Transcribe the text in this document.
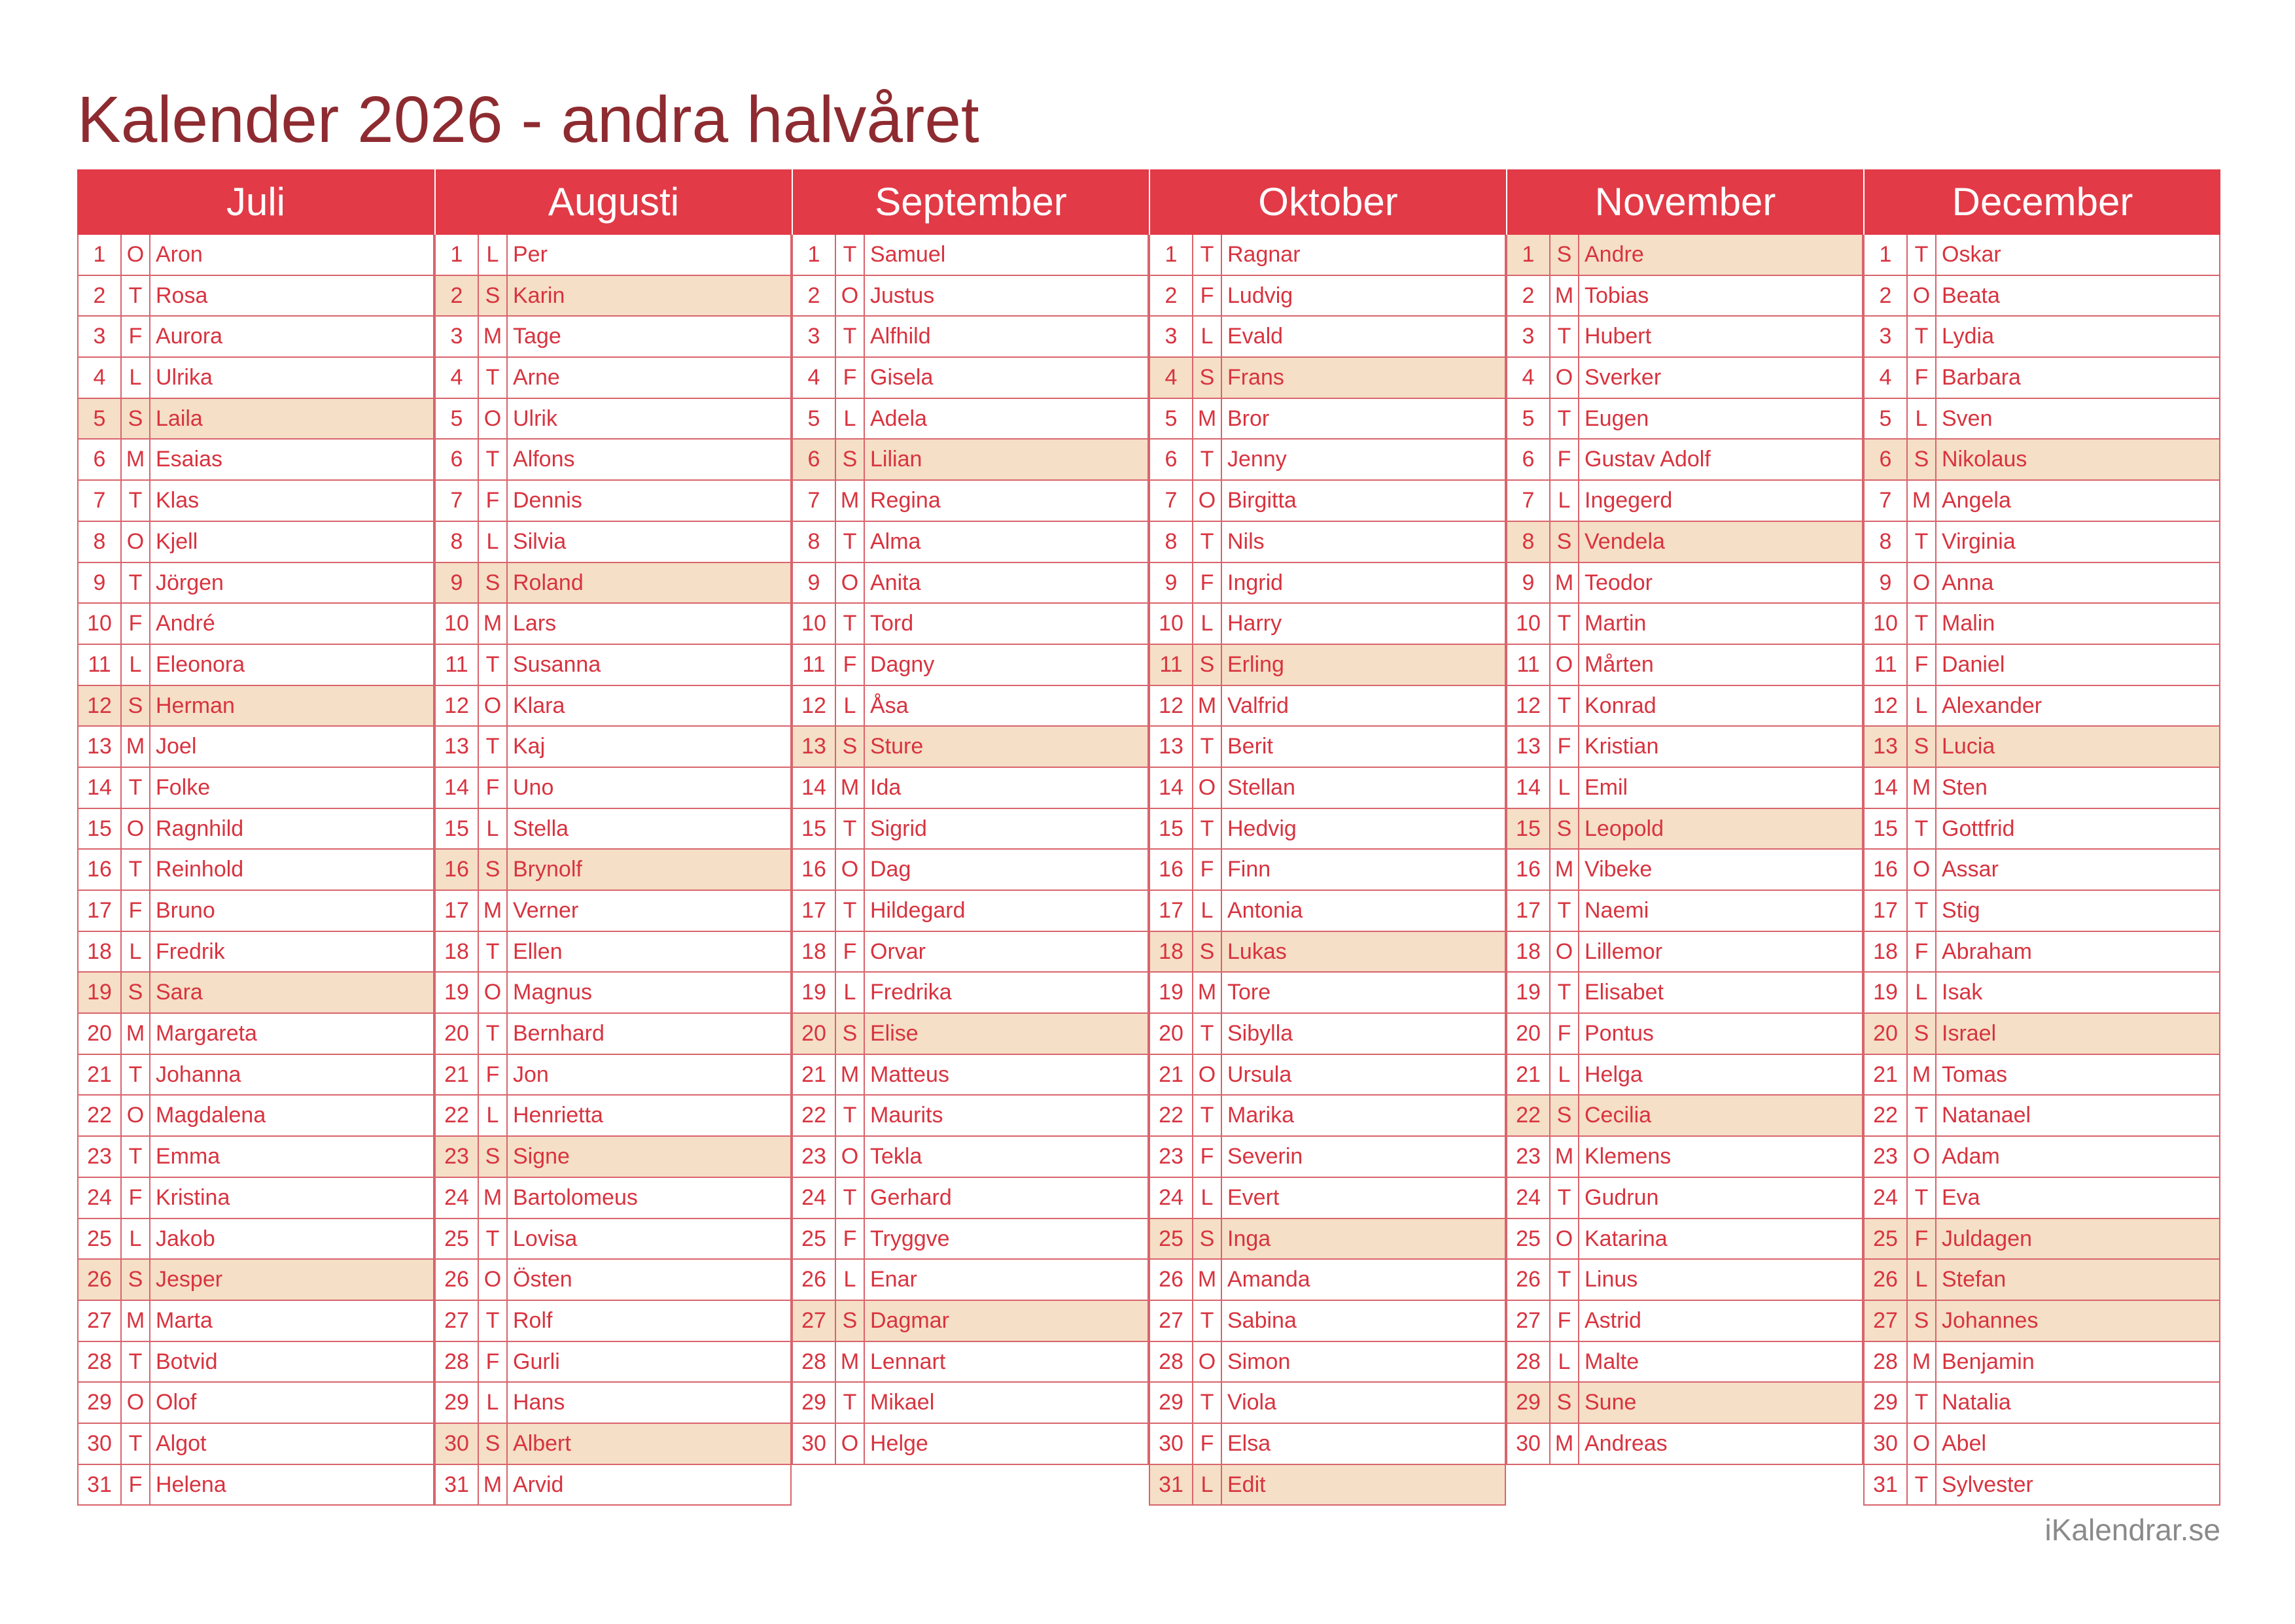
Kalender 2026 - andra halvåret
Juli
1 O Aron
2	T Rosa
3	F Aurora
4	L Ulrika
5	S Laila
6 M Esaias
7	T Klas
8 O Kjell
9	T Jörgen
10 F André
11 L Eleonora
12 S Herman
13 M Joel
14 T Folke
15 O Ragnhild
16 T Reinhold
17 F Bruno
18 L Fredrik
19 S Sara
20 M Margareta
21 T Johanna
22 O Magdalena
23 T Emma
24 F Kristina
25 L Jakob
26 S Jesper
27 M Marta
28 T Botvid
29 O Olof
30 T Algot
31 F Helena
Augusti
1	L Per
2	S Karin
3 M Tage
4	T Arne
5 O Ulrik
6	T Alfons
7	F Dennis
8	L Silvia
9	S Roland
10 M Lars
11 T Susanna
12 O Klara
13 T Kaj
14 F Uno
15 L Stella
16 S Brynolf
17 M Verner
18 T Ellen
19 O Magnus
20 T Bernhard
21 F Jon
22 L Henrietta
23 S Signe
24 M Bartolomeus
25 T Lovisa
26 O Östen
27 T Rolf
28 F Gurli
29 L Hans
30 S Albert
31 M Arvid
September
1	T Samuel
2 O Justus
3	T Alfhild
4	F Gisela
5	L Adela
6	S Lilian
7 M Regina
8	T Alma
9 O Anita
10 T Tord
11 F Dagny
12 L Åsa
13 S Sture
14 M Ida
15 T Sigrid
16 O Dag
17 T Hildegard
18 F Orvar
19 L Fredrika
20 S Elise
21 M Matteus
22 T Maurits
23 O Tekla
24 T Gerhard
25 F Tryggve
26 L Enar
27 S Dagmar
28 M Lennart
29 T Mikael
30 O Helge
Oktober
1	T Ragnar
2	F Ludvig
3	L Evald
4	S Frans
5 M Bror
6	T Jenny
7 O Birgitta
8	T Nils
9	F Ingrid
10 L Harry
11 S Erling
12 M Valfrid
13 T Berit
14 O Stellan
15 T Hedvig
16 F Finn
17 L Antonia
18 S Lukas
19 M Tore
20 T Sibylla
21 O Ursula
22 T Marika
23 F Severin
24 L Evert
25 S Inga
26 M Amanda
27 T Sabina
28 O Simon
29 T Viola
30 F Elsa
31 L Edit
November
1	S Andre
2 M Tobias
3	T Hubert
4 O Sverker
5	T Eugen
6	F Gustav Adolf
7	L Ingegerd
8	S Vendela
9 M Teodor
10 T Martin
11 O Mårten
12 T Konrad
13 F Kristian
14 L Emil
15 S Leopold
16 M Vibeke
17 T Naemi
18 O Lillemor
19 T Elisabet
20 F Pontus
21 L Helga
22 S Cecilia
23 M Klemens
24 T Gudrun
25 O Katarina
26 T Linus
27 F Astrid
28 L Malte
29 S Sune
30 M Andreas
December
1	T Oskar
2 O Beata
3	T Lydia
4	F Barbara
5	L Sven
6	S Nikolaus
7 M Angela
8	T Virginia
9 O Anna
10 T Malin
11 F Daniel
12 L Alexander
13 S Lucia
14 M Sten
15 T Gottfrid
16 O Assar
17 T Stig
18 F Abraham
19 L Isak
20 S Israel
21 M Tomas
22 T Natanael
23 O Adam
24 T Eva
25 F Juldagen
26 L Stefan
27 S Johannes
28 M Benjamin
29 T Natalia
30 O Abel
31 T Sylvester
iKalendrar.se
